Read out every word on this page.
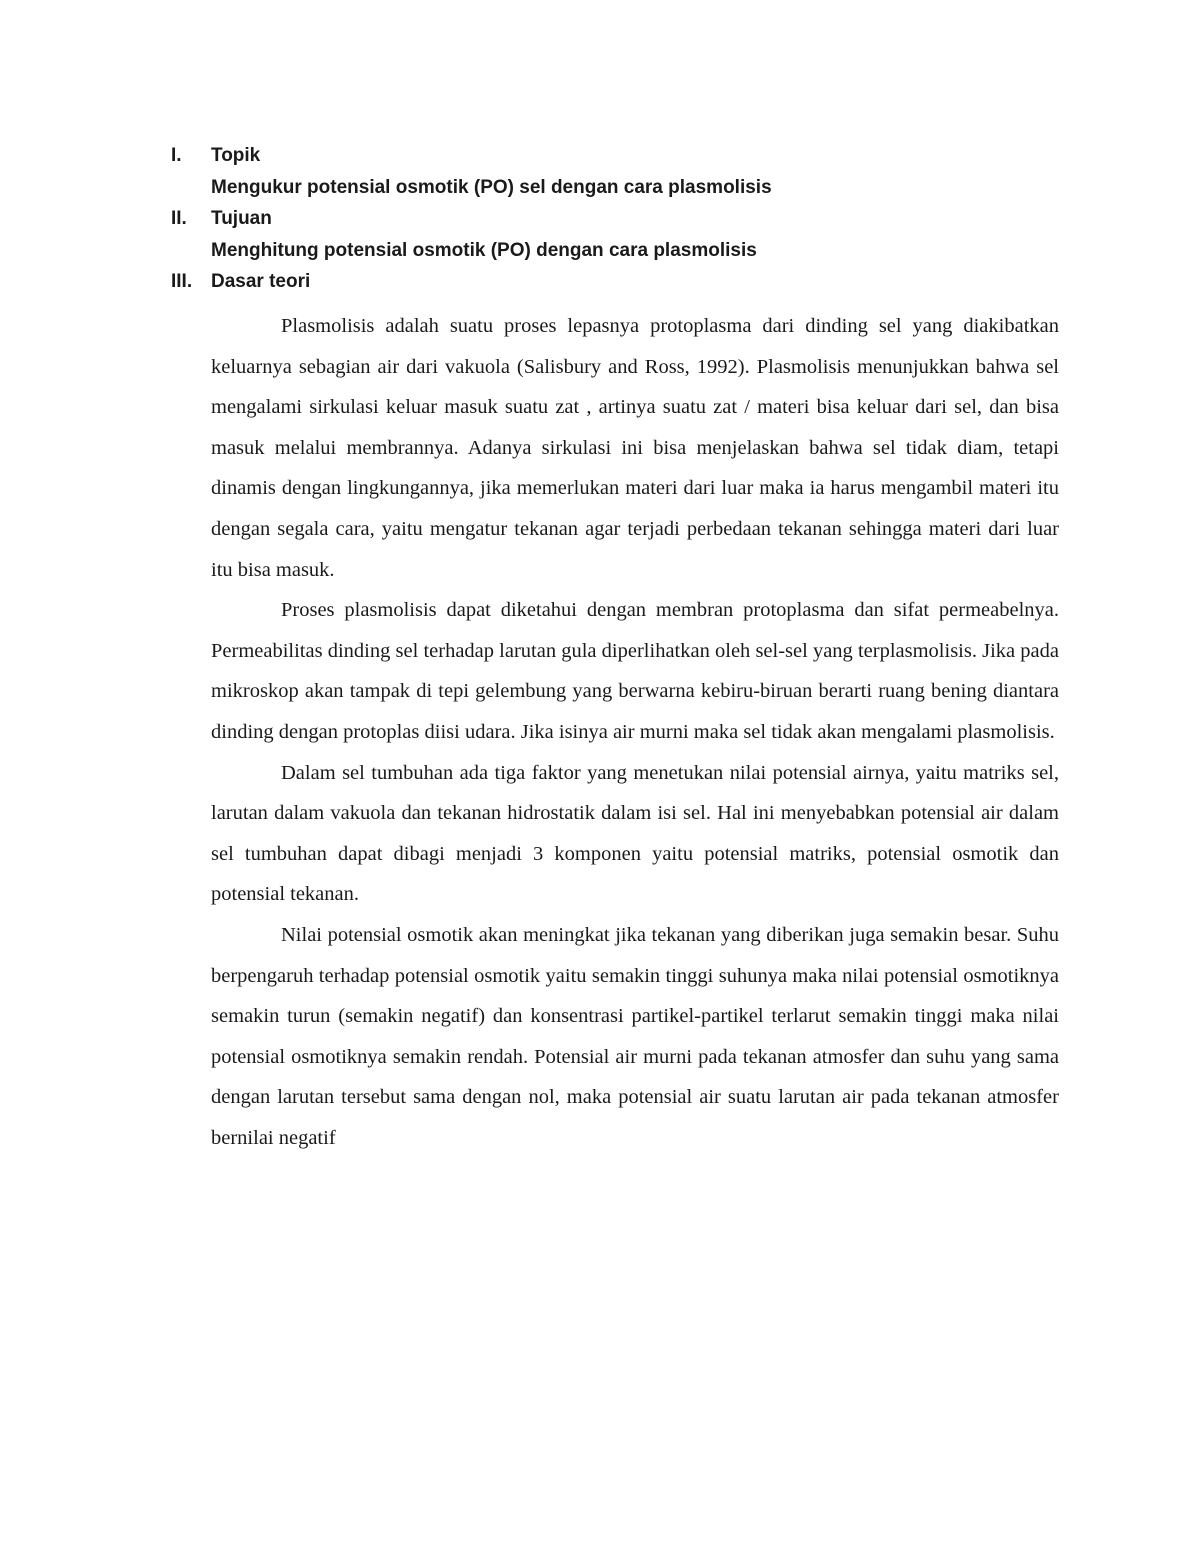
I.	Topik
Mengukur potensial osmotik (PO) sel dengan cara plasmolisis
II.	Tujuan
Menghitung potensial osmotik (PO) dengan cara plasmolisis
III. Dasar teori

Plasmolisis adalah suatu proses lepasnya protoplasma dari dinding sel yang diakibatkan keluarnya sebagian air dari vakuola (Salisbury and Ross, 1992). Plasmolisis menunjukkan bahwa sel mengalami sirkulasi keluar masuk suatu zat , artinya suatu zat / materi bisa keluar dari sel, dan bisa masuk melalui membrannya. Adanya sirkulasi ini bisa menjelaskan bahwa sel tidak diam, tetapi dinamis dengan lingkungannya, jika memerlukan materi dari luar maka ia harus mengambil materi itu dengan segala cara, yaitu mengatur tekanan agar terjadi perbedaan tekanan sehingga materi dari luar itu bisa masuk.

Proses plasmolisis dapat diketahui dengan membran protoplasma dan sifat permeabelnya. Permeabilitas dinding sel terhadap larutan gula diperlihatkan oleh sel-sel yang terplasmolisis. Jika pada mikroskop akan tampak di tepi gelembung yang berwarna kebiru-biruan berarti ruang bening diantara dinding dengan protoplas diisi udara. Jika isinya air murni maka sel tidak akan mengalami plasmolisis.

Dalam sel tumbuhan ada tiga faktor yang menetukan nilai potensial airnya, yaitu matriks sel, larutan dalam vakuola dan tekanan hidrostatik dalam isi sel. Hal ini menyebabkan potensial air dalam sel tumbuhan dapat dibagi menjadi 3 komponen yaitu potensial matriks, potensial osmotik dan potensial tekanan.

Nilai potensial osmotik akan meningkat jika tekanan yang diberikan juga semakin besar. Suhu berpengaruh terhadap potensial osmotik yaitu semakin tinggi suhunya maka nilai potensial osmotiknya semakin turun (semakin negatif) dan konsentrasi partikel-partikel terlarut semakin tinggi maka nilai potensial osmotiknya semakin rendah. Potensial air murni pada tekanan atmosfer dan suhu yang sama dengan larutan tersebut sama dengan nol, maka potensial air suatu larutan air pada tekanan atmosfer bernilai negatif
